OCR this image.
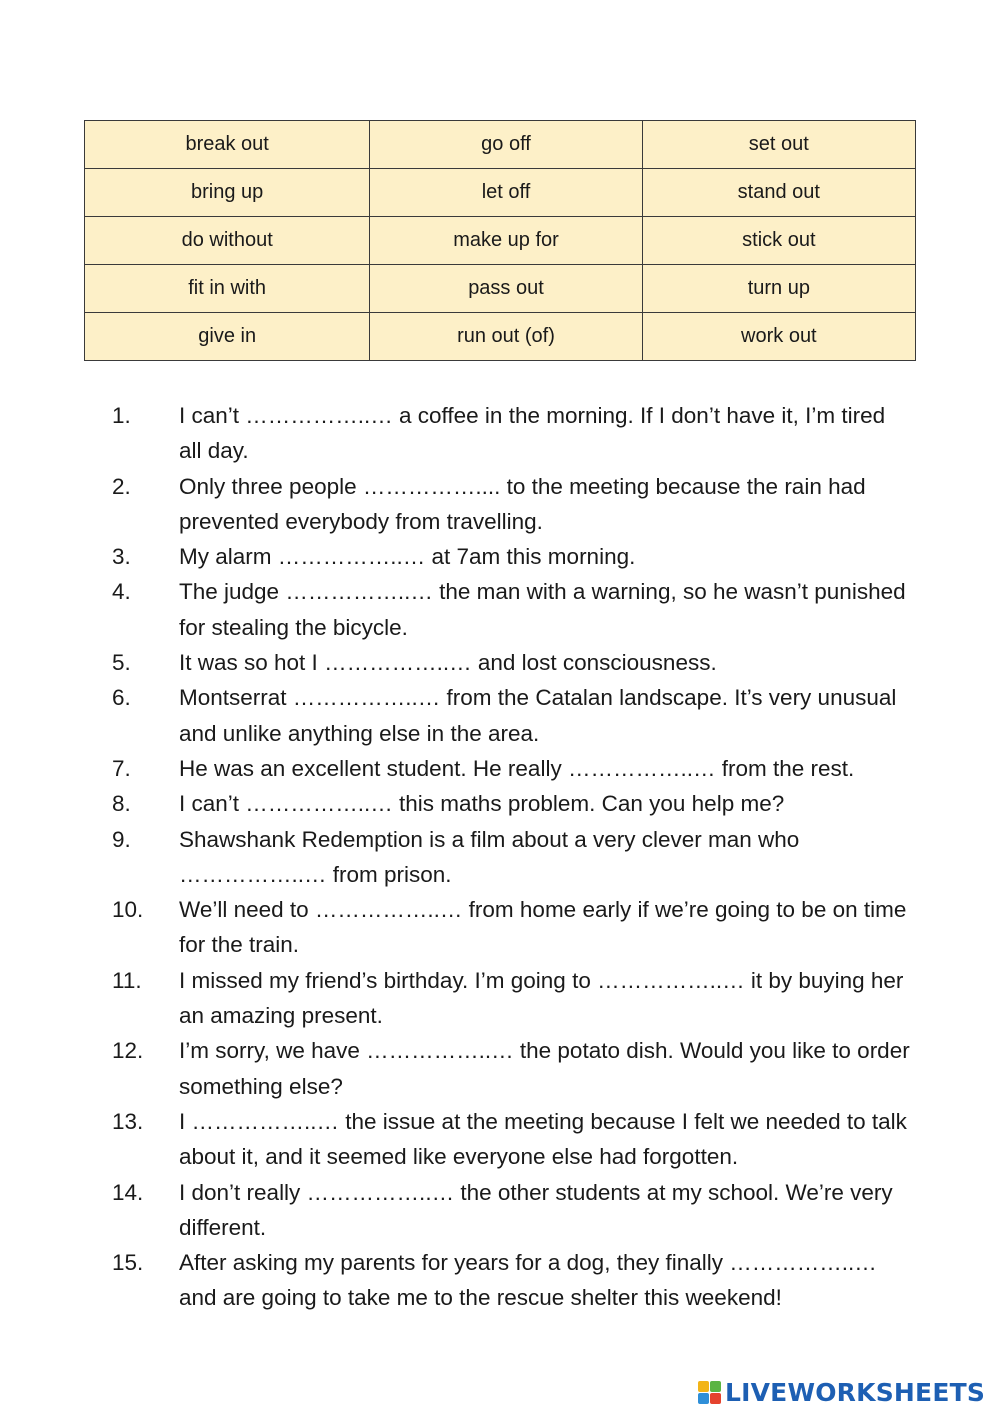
break out	go off	set out
bring up	let off	stand out
do without	make up for	stick out
fit in with	pass out	turn up
give in	run out (of)	work out
1.	I can’t ……………..… a coffee in the morning. If I don’t have it, I’m tired all day.
2.	Only three people …………….... to the meeting because the rain had prevented everybody from travelling.
3.	My alarm ……………..… at 7am this morning.
4.	The judge ……………..… the man with a warning, so he wasn’t punished for stealing the bicycle.
5.	It was so hot I ……………..… and lost consciousness.
6.	Montserrat ……………..… from the Catalan landscape. It’s very unusual and unlike anything else in the area.
7.	He was an excellent student. He really ……………..… from the rest.
8.	I can’t ……………..… this maths problem. Can you help me?
9.	Shawshank Redemption is a film about a very clever man who ……………..… from prison.
10.	We’ll need to ……………..… from home early if we’re going to be on time for the train.
11.	I missed my friend’s birthday. I’m going to ……………..… it by buying her an amazing present.
12.	I’m sorry, we have ……………..… the potato dish. Would you like to order something else?
13.	I ……………..… the issue at the meeting because I felt we needed to talk about it, and it seemed like everyone else had forgotten.
14.	I don’t really ……………..… the other students at my school. We’re very different.
15.	After asking my parents for years for a dog, they finally ……………..… and are going to take me to the rescue shelter this weekend!
LIVEWORKSHEETS
